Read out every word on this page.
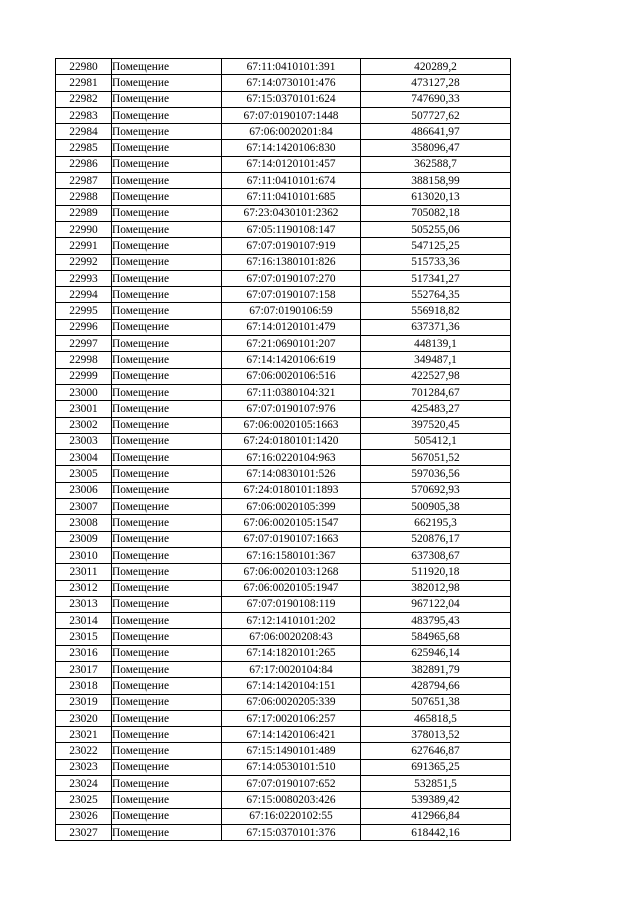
22980	Помещение	67:11:0410101:391	420289,2
22981	Помещение	67:14:0730101:476	473127,28
22982	Помещение	67:15:0370101:624	747690,33
22983	Помещение	67:07:0190107:1448	507727,62
22984	Помещение	67:06:0020201:84	486641,97
22985	Помещение	67:14:1420106:830	358096,47
22986	Помещение	67:14:0120101:457	362588,7
22987	Помещение	67:11:0410101:674	388158,99
22988	Помещение	67:11:0410101:685	613020,13
22989	Помещение	67:23:0430101:2362	705082,18
22990	Помещение	67:05:1190108:147	505255,06
22991	Помещение	67:07:0190107:919	547125,25
22992	Помещение	67:16:1380101:826	515733,36
22993	Помещение	67:07:0190107:270	517341,27
22994	Помещение	67:07:0190107:158	552764,35
22995	Помещение	67:07:0190106:59	556918,82
22996	Помещение	67:14:0120101:479	637371,36
22997	Помещение	67:21:0690101:207	448139,1
22998	Помещение	67:14:1420106:619	349487,1
22999	Помещение	67:06:0020106:516	422527,98
23000	Помещение	67:11:0380104:321	701284,67
23001	Помещение	67:07:0190107:976	425483,27
23002	Помещение	67:06:0020105:1663	397520,45
23003	Помещение	67:24:0180101:1420	505412,1
23004	Помещение	67:16:0220104:963	567051,52
23005	Помещение	67:14:0830101:526	597036,56
23006	Помещение	67:24:0180101:1893	570692,93
23007	Помещение	67:06:0020105:399	500905,38
23008	Помещение	67:06:0020105:1547	662195,3
23009	Помещение	67:07:0190107:1663	520876,17
23010	Помещение	67:16:1580101:367	637308,67
23011	Помещение	67:06:0020103:1268	511920,18
23012	Помещение	67:06:0020105:1947	382012,98
23013	Помещение	67:07:0190108:119	967122,04
23014	Помещение	67:12:1410101:202	483795,43
23015	Помещение	67:06:0020208:43	584965,68
23016	Помещение	67:14:1820101:265	625946,14
23017	Помещение	67:17:0020104:84	382891,79
23018	Помещение	67:14:1420104:151	428794,66
23019	Помещение	67:06:0020205:339	507651,38
23020	Помещение	67:17:0020106:257	465818,5
23021	Помещение	67:14:1420106:421	378013,52
23022	Помещение	67:15:1490101:489	627646,87
23023	Помещение	67:14:0530101:510	691365,25
23024	Помещение	67:07:0190107:652	532851,5
23025	Помещение	67:15:0080203:426	539389,42
23026	Помещение	67:16:0220102:55	412966,84
23027	Помещение	67:15:0370101:376	618442,16
